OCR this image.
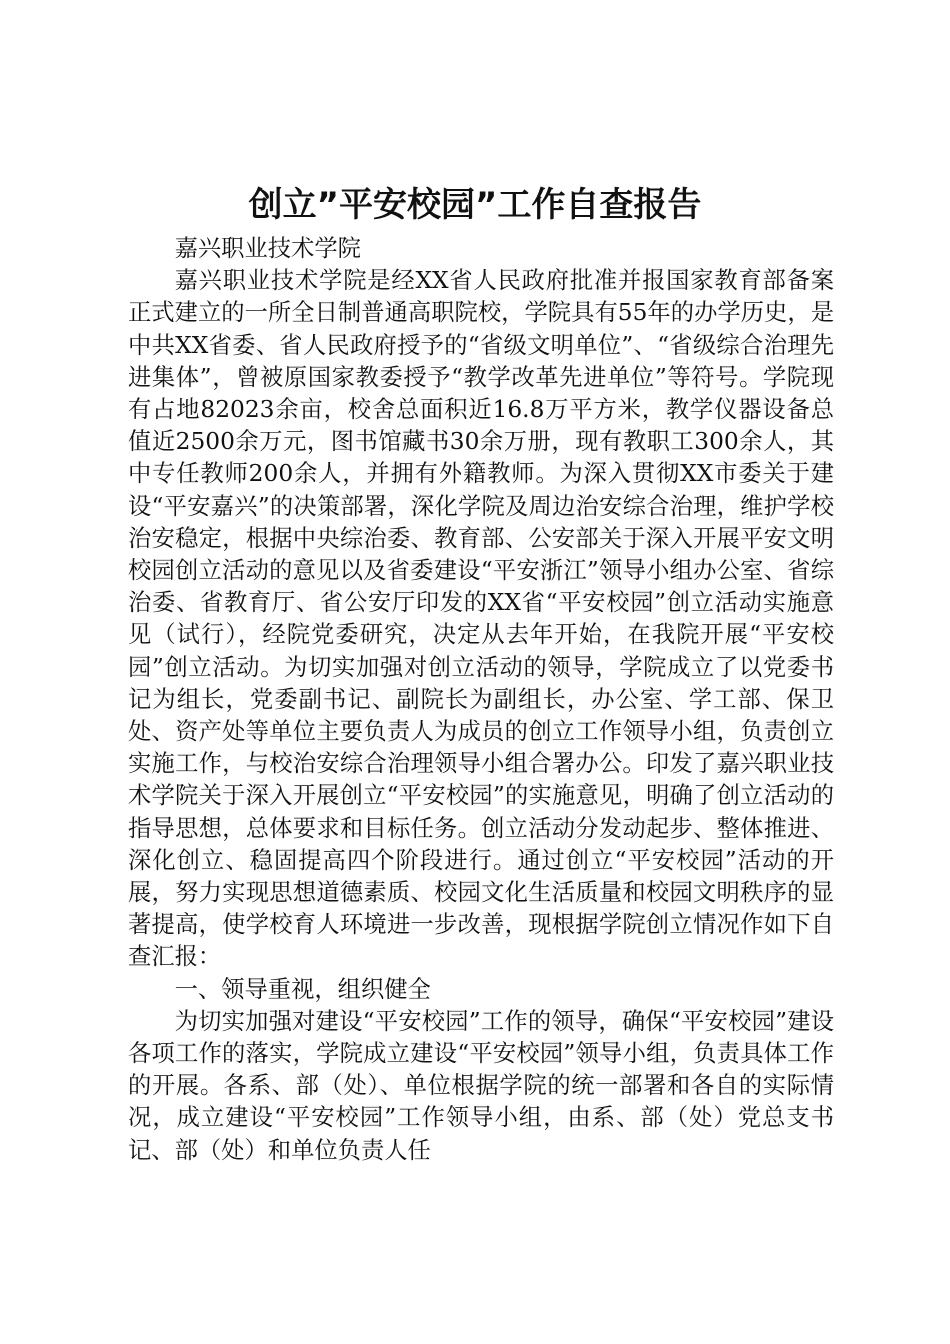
创立”平安校园”工作自查报告

嘉兴职业技术学院

嘉兴职业技术学院是经XX省人民政府批准并报国家教育部备案正式建立的一所全日制普通高职院校，学院具有55年的办学历史，是中共XX省委、省人民政府授予的“省级文明单位”、“省级综合治理先进集体”，曾被原国家教委授予“教学改革先进单位”等符号。学院现有占地82023余亩，校舍总面积近16.8万平方米，教学仪器设备总值近2500余万元，图书馆藏书30余万册，现有教职工300余人，其中专任教师200余人，并拥有外籍教师。为深入贯彻XX市委关于建设“平安嘉兴”的决策部署，深化学院及周边治安综合治理，维护学校治安稳定，根据中央综治委、教育部、公安部关于深入开展平安文明校园创立活动的意见以及省委建设“平安浙江”领导小组办公室、省综治委、省教育厅、省公安厅印发的XX省“平安校园”创立活动实施意见（试行），经院党委研究，决定从去年开始，在我院开展“平安校园”创立活动。为切实加强对创立活动的领导，学院成立了以党委书记为组长，党委副书记、副院长为副组长，办公室、学工部、保卫处、资产处等单位主要负责人为成员的创立工作领导小组，负责创立实施工作，与校治安综合治理领导小组合署办公。印发了嘉兴职业技术学院关于深入开展创立“平安校园”的实施意见，明确了创立活动的指导思想，总体要求和目标任务。创立活动分发动起步、整体推进、深化创立、稳固提高四个阶段进行。通过创立“平安校园”活动的开展，努力实现思想道德素质、校园文化生活质量和校园文明秩序的显著提高，使学校育人环境进一步改善，现根据学院创立情况作如下自查汇报：

一、领导重视，组织健全

为切实加强对建设“平安校园”工作的领导，确保“平安校园”建设各项工作的落实，学院成立建设“平安校园”领导小组，负责具体工作的开展。各系、部（处）、单位根据学院的统一部署和各自的实际情况，成立建设“平安校园”工作领导小组，由系、部（处）党总支书记、部（处）和单位负责人任
